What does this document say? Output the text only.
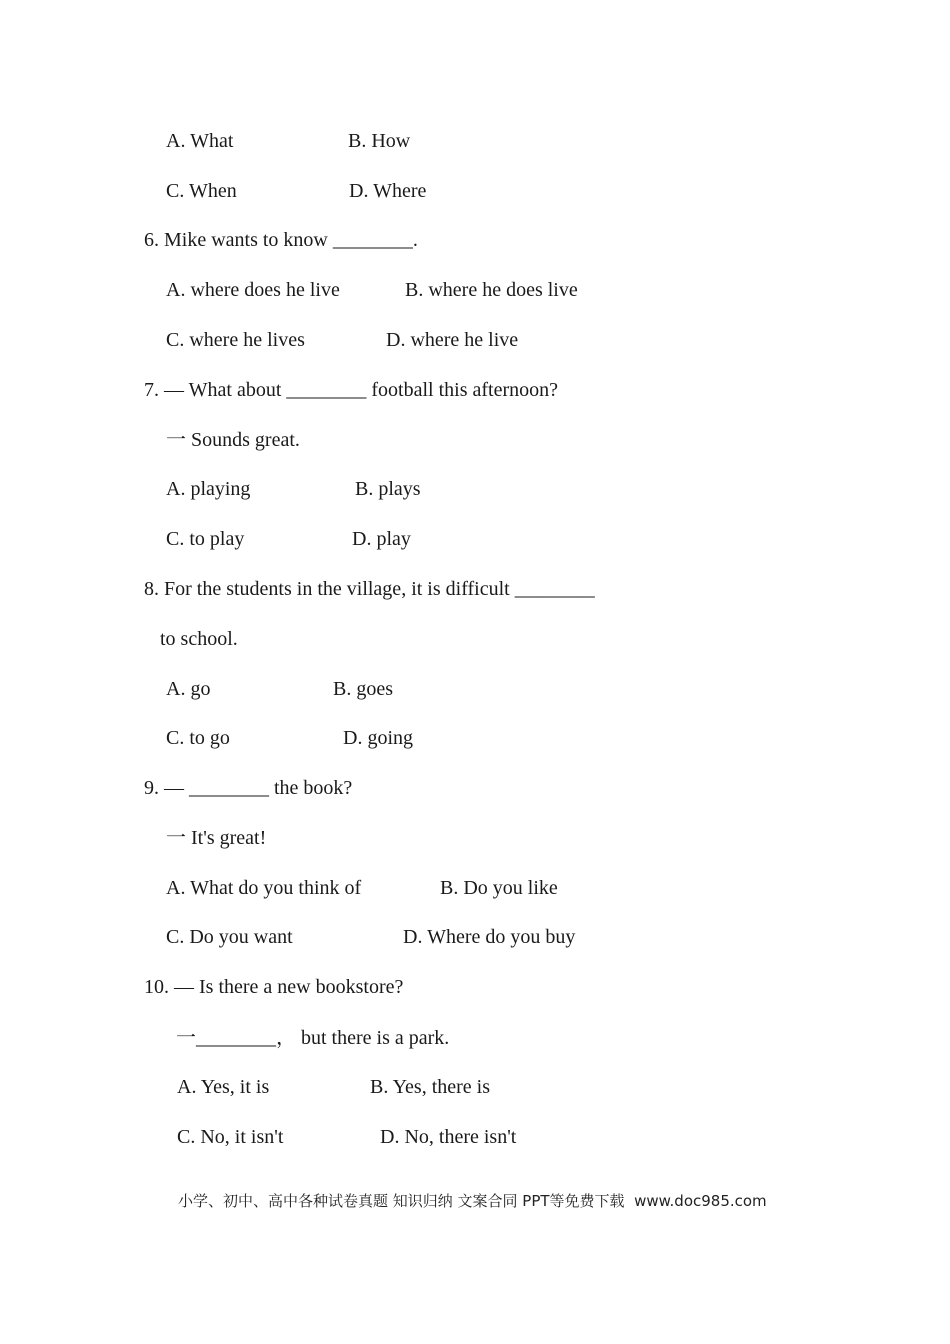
A. What	B. How
C. When	D. Where
6. Mike wants to know ________.
A. where does he live	B. where he does live
C. where he lives	D. where he live
7. — What about ________ football this afternoon?
一 Sounds great.
A. playing	B. plays
C. to play	D. play
8. For the students in the village, it is difficult ________
to school.
A. go	B. goes
C. to go	D. going
9. — ________ the book?
一 It's great!
A. What do you think of	B. Do you like
C. Do you want	D. Where do you buy
10. — Is there a new bookstore?
一________， but there is a park.
A. Yes, it is	B. Yes, there is
C. No, it isn't	D. No, there isn't
小学、初中、高中各种试卷真题 知识归纳 文案合同 PPT等免费下载  www.doc985.com
